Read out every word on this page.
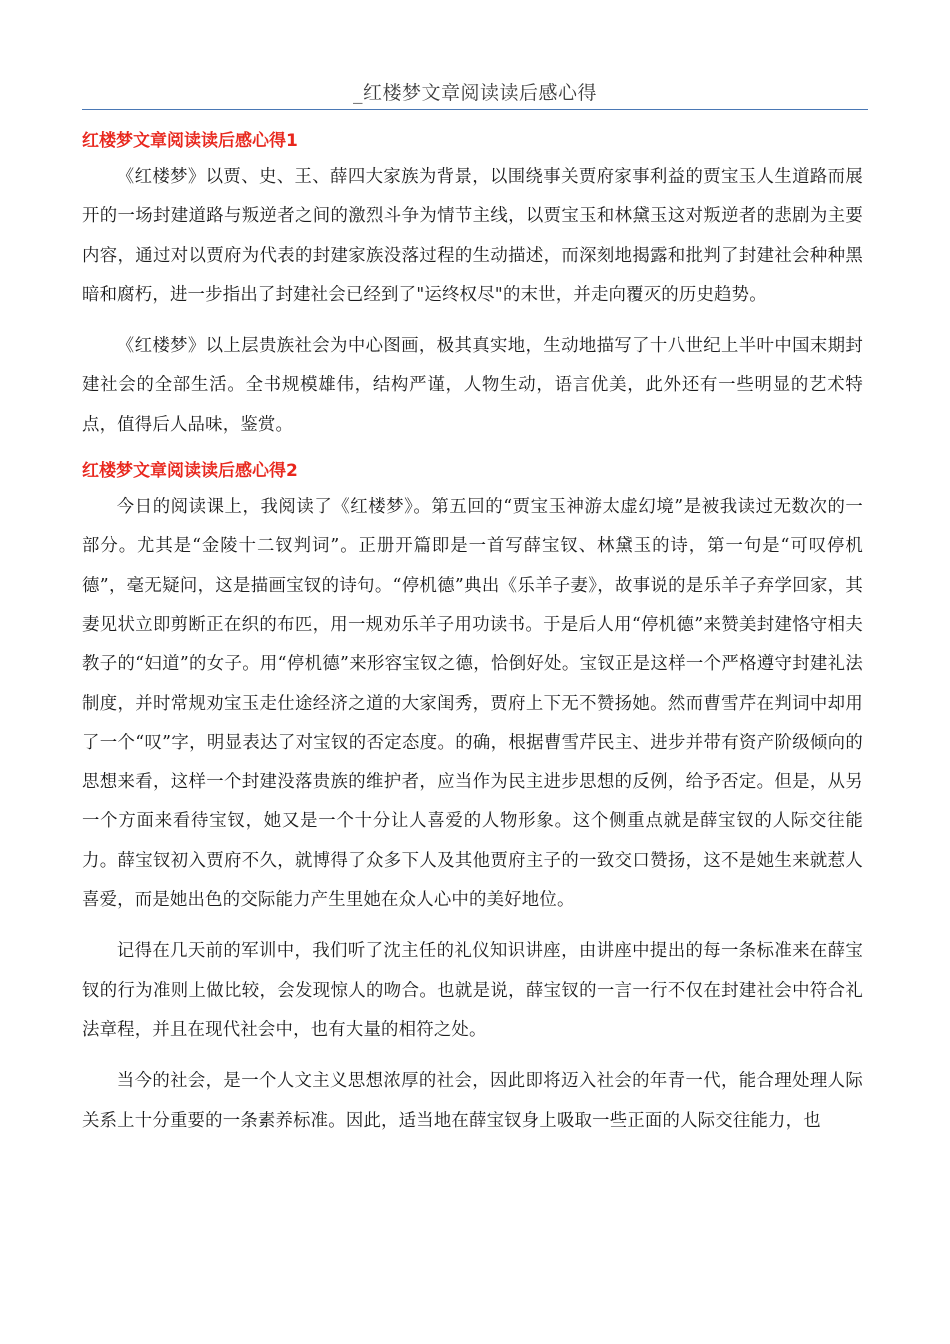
_红楼梦文章阅读读后感心得
红楼梦文章阅读读后感心得1

《红楼梦》以贾、史、王、薛四大家族为背景，以围绕事关贾府家事利益的贾宝玉人生道路而展开的一场封建道路与叛逆者之间的激烈斗争为情节主线，以贾宝玉和林黛玉这对叛逆者的悲剧为主要内容，通过对以贾府为代表的封建家族没落过程的生动描述，而深刻地揭露和批判了封建社会种种黑暗和腐朽，进一步指出了封建社会已经到了"运终权尽"的末世，并走向覆灭的历史趋势。

《红楼梦》以上层贵族社会为中心图画，极其真实地，生动地描写了十八世纪上半叶中国末期封建社会的全部生活。全书规模雄伟，结构严谨，人物生动，语言优美，此外还有一些明显的艺术特点，值得后人品味，鉴赏。

红楼梦文章阅读读后感心得2

今日的阅读课上，我阅读了《红楼梦》。第五回的“贾宝玉神游太虚幻境”是被我读过无数次的一部分。尤其是“金陵十二钗判词”。正册开篇即是一首写薛宝钗、林黛玉的诗，第一句是“可叹停机德”，毫无疑问，这是描画宝钗的诗句。“停机德”典出《乐羊子妻》，故事说的是乐羊子弃学回家，其妻见状立即剪断正在织的布匹，用一规劝乐羊子用功读书。于是后人用“停机德”来赞美封建恪守相夫教子的“妇道”的女子。用“停机德”来形容宝钗之德，恰倒好处。宝钗正是这样一个严格遵守封建礼法制度，并时常规劝宝玉走仕途经济之道的大家闺秀，贾府上下无不赞扬她。然而曹雪芹在判词中却用了一个“叹”字，明显表达了对宝钗的否定态度。的确，根据曹雪芹民主、进步并带有资产阶级倾向的思想来看，这样一个封建没落贵族的维护者，应当作为民主进步思想的反例，给予否定。但是，从另一个方面来看待宝钗，她又是一个十分让人喜爱的人物形象。这个侧重点就是薛宝钗的人际交往能力。薛宝钗初入贾府不久，就博得了众多下人及其他贾府主子的一致交口赞扬，这不是她生来就惹人喜爱，而是她出色的交际能力产生里她在众人心中的美好地位。

记得在几天前的军训中，我们听了沈主任的礼仪知识讲座，由讲座中提出的每一条标准来在薛宝钗的行为准则上做比较，会发现惊人的吻合。也就是说，薛宝钗的一言一行不仅在封建社会中符合礼法章程，并且在现代社会中，也有大量的相符之处。

当今的社会，是一个人文主义思想浓厚的社会，因此即将迈入社会的年青一代，能合理处理人际关系上十分重要的一条素养标准。因此，适当地在薛宝钗身上吸取一些正面的人际交往能力，也
